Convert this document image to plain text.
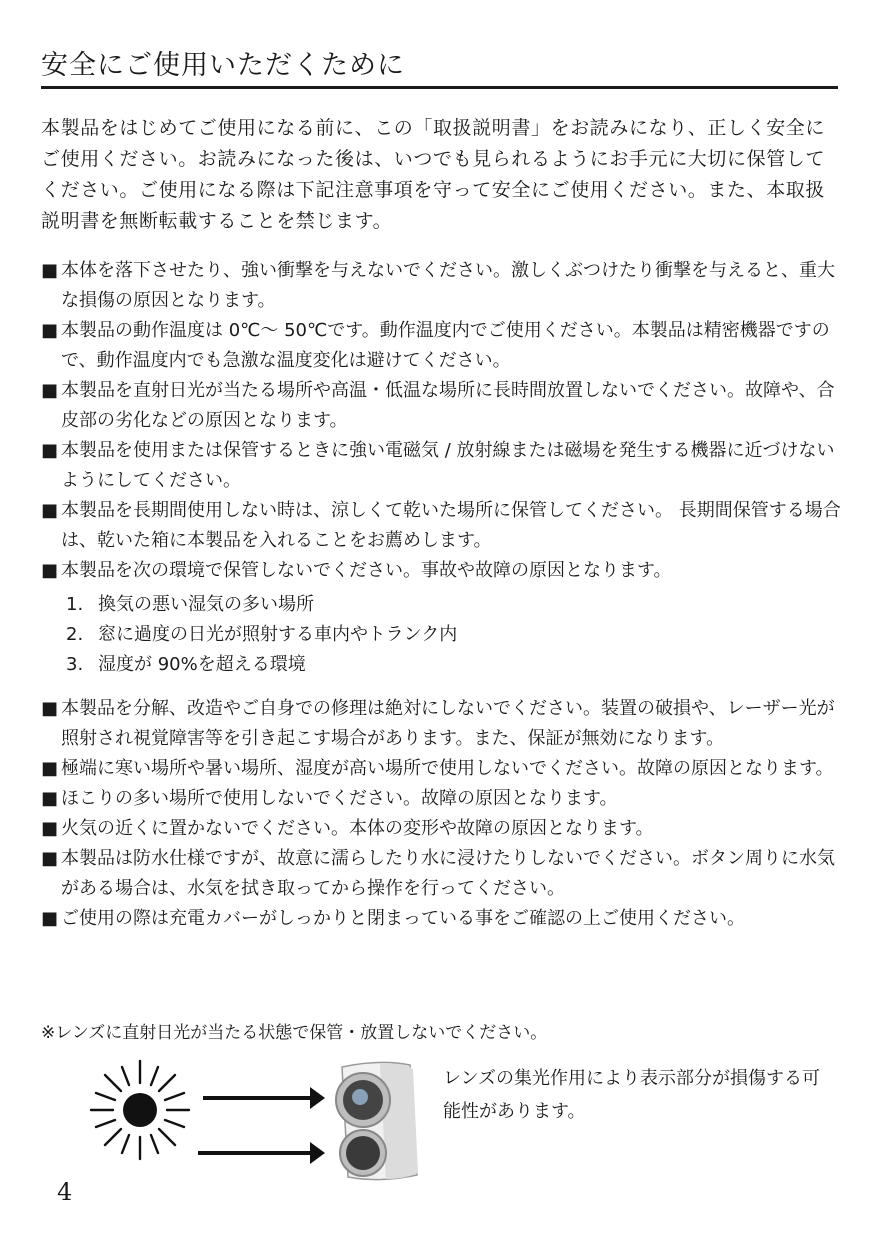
安全にご使用いただくために

本製品をはじめてご使用になる前に、この「取扱説明書」をお読みになり、正しく安全にご使用ください。お読みになった後は、いつでも見られるようにお手元に大切に保管してください。ご使用になる際は下記注意事項を守って安全にご使用ください。また、本取扱説明書を無断転載することを禁じます。

■ 本体を落下させたり、強い衝撃を与えないでください。激しくぶつけたり衝撃を与えると、重大な損傷の原因となります。
■ 本製品の動作温度は 0℃～ 50℃です。動作温度内でご使用ください。本製品は精密機器ですので、動作温度内でも急激な温度変化は避けてください。
■ 本製品を直射日光が当たる場所や高温・低温な場所に長時間放置しないでください。故障や、合皮部の劣化などの原因となります。
■ 本製品を使用または保管するときに強い電磁気 / 放射線または磁場を発生する機器に近づけないようにしてください。
■ 本製品を長期間使用しない時は、涼しくて乾いた場所に保管してください。 長期間保管する場合は、乾いた箱に本製品を入れることをお薦めします。
■ 本製品を次の環境で保管しないでください。事故や故障の原因となります。
1. 換気の悪い湿気の多い場所
2. 窓に過度の日光が照射する車内やトランク内
3. 湿度が 90%を超える環境
■ 本製品を分解、改造やご自身での修理は絶対にしないでください。装置の破損や、レーザー光が照射され視覚障害等を引き起こす場合があります。また、保証が無効になります。
■ 極端に寒い場所や暑い場所、湿度が高い場所で使用しないでください。故障の原因となります。
■ ほこりの多い場所で使用しないでください。故障の原因となります。
■ 火気の近くに置かないでください。本体の変形や故障の原因となります。
■ 本製品は防水仕様ですが、故意に濡らしたり水に浸けたりしないでください。ボタン周りに水気がある場合は、水気を拭き取ってから操作を行ってください。
■ ご使用の際は充電カバーがしっかりと閉まっている事をご確認の上ご使用ください。
※レンズに直射日光が当たる状態で保管・放置しないでください。
レンズの集光作用により表示部分が損傷する可能性があります。
4
